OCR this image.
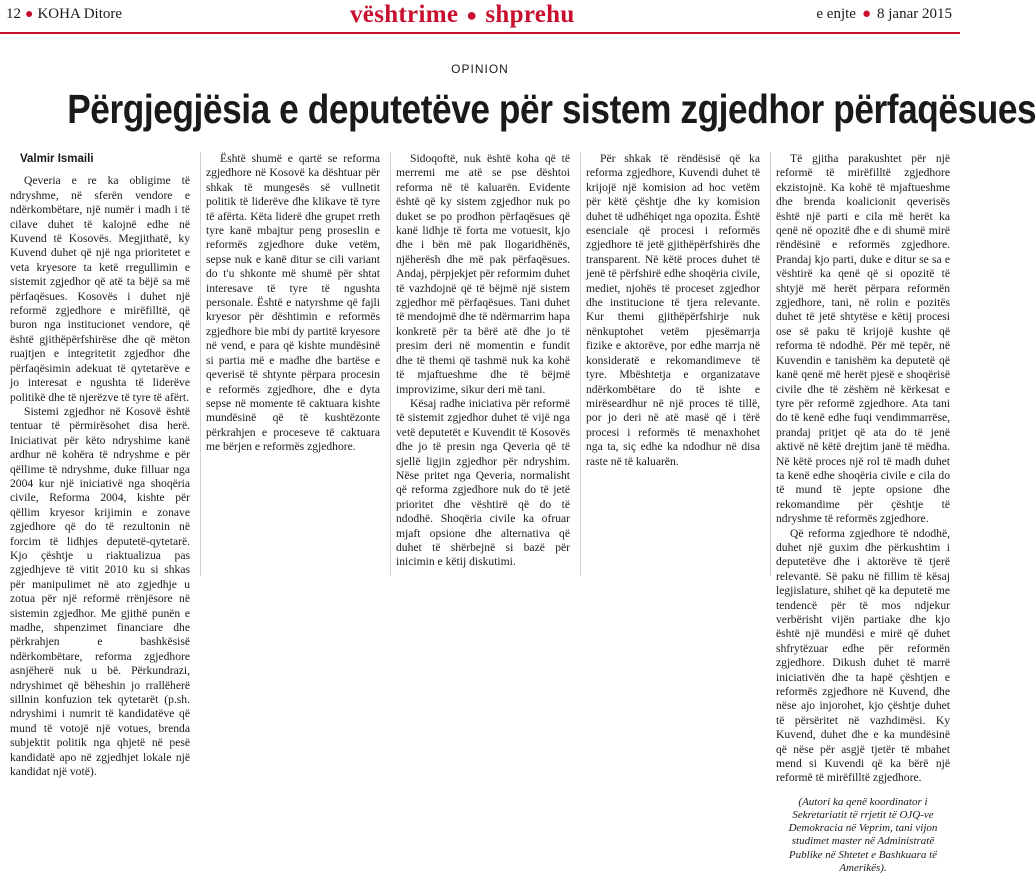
12 ● KOHA Ditore	vështrime ● shprehu	e enjte ● 8 janar 2015
OPINION
Përgjegjësia e deputetëve për sistem zgjedhor përfaqësues
Valmir Ismaili

Qeveria e re ka obligime të ndryshme, në sferën vendore e ndërkombëtare, një numër i madh i të cilave duhet të kalojnë edhe në Kuvend të Kosovës. Megjithatë, ky Kuvend duhet që një nga prioritetet e veta kryesore ta ketë rregullimin e sistemit zgjedhor që atë ta bëjë sa më përfaqësues. Kosovës i duhet një reformë zgjedhore e mirëfilltë, që buron nga institucionet vendore, që është gjithëpërfshirëse dhe që mëton ruajtjen e integritetit zgjedhor dhe përfaqësimin adekuat të qytetarëve e jo interesat e ngushta të liderëve politikë dhe të njerëzve të tyre të afërt.

Sistemi zgjedhor në Kosovë është tentuar të përmirësohet disa herë. Iniciativat për këto ndryshime kanë ardhur në kohëra të ndryshme e për qëllime të ndryshme, duke filluar nga 2004 kur një iniciativë nga shoqëria civile, Reforma 2004, kishte për qëllim kryesor krijimin e zonave zgjedhore që do të rezultonin në forcim të lidhjes deputetë-qytetarë. Kjo çështje u riaktualizua pas zgjedhjeve të vitit 2010 ku si shkas për manipulimet në ato zgjedhje u zotua për një reformë rrënjësore në sistemin zgjedhor. Me gjithë punën e madhe, shpenzimet financiare dhe përkrahjen e bashkësisë ndërkombëtare, reforma zgjedhore asnjëherë nuk u bë. Përkundrazi, ndryshimet që bëheshin jo rrallëherë sillnin konfuzion tek qytetarët (p.sh. ndryshimi i numrit të kandidatëve që mund të votojë një votues, brenda subjektit politik nga qhjetë në pesë kandidatë apo në zgjedhjet lokale një kandidat një votë).

Është shumë e qartë se reforma zgjedhore në Kosovë ka dështuar për shkak të mungesës së vullnetit politik të liderëve dhe klikave të tyre të afërta. Këta liderë dhe grupet rreth tyre kanë mbajtur peng proseslin e reformës zgjedhore duke vetëm, sepse nuk e kanë ditur se cili variant do t'u shkonte më shumë për shtat interesave të tyre të ngushta personale. Është e natyrshme që fajli kryesor për dështimin e reformës zgjedhore bie mbi dy partitë kryesore në vend, e para që kishte mundësinë si partia më e madhe dhe bartëse e qeverisë të shtynte përpara procesin e reformës zgjedhore, dhe e dyta sepse në momente të caktuara kishte mundësinë që të kushtëzonte përkrahjen e proceseve të caktuara me bërjen e reformës zgjedhore.

Sidoqoftë, nuk është koha që të merremi me atë se pse dështoi reforma në të kaluarën. Evidente është që ky sistem zgjedhor nuk po duket se po prodhon përfaqësues që kanë lidhje të forta me votuesit, kjo dhe i bën më pak llogaridhënës, njëherësh dhe më pak përfaqësues. Andaj, përpjekjet për reformim duhet të vazhdojnë që të bëjmë një sistem zgjedhor më përfaqësues. Tani duhet të mendojmë dhe të ndërmarrim hapa konkretë për ta bërë atë dhe jo të presim deri në momentin e fundit dhe të themi që tashmë nuk ka kohë të mjaftueshme dhe të bëjmë improvizime, sikur deri më tani.

Kësaj radhe iniciativa për reformë të sistemit zgjedhor duhet të vijë nga vetë deputetët e Kuvendit të Kosovës dhe jo të presin nga Qeveria që të sjellë ligjin zgjedhor për ndryshim. Nëse pritet nga Qeveria, normalisht që reforma zgjedhore nuk do të jetë prioritet dhe vështirë që do të ndodhë. Shoqëria civile ka ofruar mjaft opsione dhe alternativa që duhet të shërbejnë si bazë për inicimin e këtij diskutimi.

Për shkak të rëndësisë që ka reforma zgjedhore, Kuvendi duhet të krijojë një komision ad hoc vetëm për këtë çështje dhe ky komision duhet të udhëhiqet nga opozita. Është esenciale që procesi i reformës zgjedhore të jetë gjithëpërfshirës dhe transparent. Në këtë proces duhet të jenë të përfshirë edhe shoqëria civile, mediet, njohës të proceset zgjedhor dhe institucione të tjera relevante. Kur themi gjithëpërfshirje nuk nënkuptohet vetëm pjesëmarrja fizike e aktorëve, por edhe marrja në konsideratë e rekomandimeve të tyre. Mbështetja e organizatave ndërkombëtare do të ishte e mirëseardhur në një proces të tillë, por jo deri në atë masë që i tërë procesi i reformës të menaxhohet nga ta, siç edhe ka ndodhur në disa raste në të kaluarën.

Të gjitha parakushtet për një reformë të mirëfilltë zgjedhore ekzistojnë. Ka kohë të mjaftueshme dhe brenda koalicionit qeverisës është një parti e cila më herët ka qenë në opozitë dhe e di shumë mirë rëndësinë e reformës zgjedhore. Prandaj kjo parti, duke e ditur se sa e vështirë ka qenë që si opozitë të shtyjë më herët përpara reformën zgjedhore, tani, në rolin e pozitës duhet të jetë shtytëse e këtij procesi ose së paku të krijojë kushte që reforma të ndodhë. Për më tepër, në Kuvendin e tanishëm ka deputetë që kanë qenë më herët pjesë e shoqërisë civile dhe të zëshëm në kërkesat e tyre për reformë zgjedhore. Ata tani do të kenë edhe fuqi vendimmarrëse, prandaj pritjet që ata do të jenë aktivë në këtë drejtim janë të mëdha. Në këtë proces një rol të madh duhet ta kenë edhe shoqëria civile e cila do të mund të jepte opsione dhe rekomandime për çështje të ndryshme të reformës zgjedhore.

Që reforma zgjedhore të ndodhë, duhet një guxim dhe përkushtim i deputetëve dhe i aktorëve të tjerë relevantë. Së paku në fillim të kësaj legjislature, shihet që ka deputetë me tendencë për të mos ndjekur verbërisht vijën partiake dhe kjo është një mundësi e mirë që duhet shfrytëzuar edhe për reformën zgjedhore. Dikush duhet të marrë iniciativën dhe ta hapë çështjen e reformës zgjedhore në Kuvend, dhe nëse ajo injorohet, kjo çështje duhet të përsëritet në vazhdimësi. Ky Kuvend, duhet dhe e ka mundësinë që nëse për asgjë tjetër të mbahet mend si Kuvendi që ka bërë një reformë të mirëfilltë zgjedhore.

(Autori ka qenë koordinator i Sekretariatit të rrjetit të OJQ-ve Demokracia në Veprim, tani vijon studimet master në Administratë Publike në Shtetet e Bashkuara të Amerikës).
